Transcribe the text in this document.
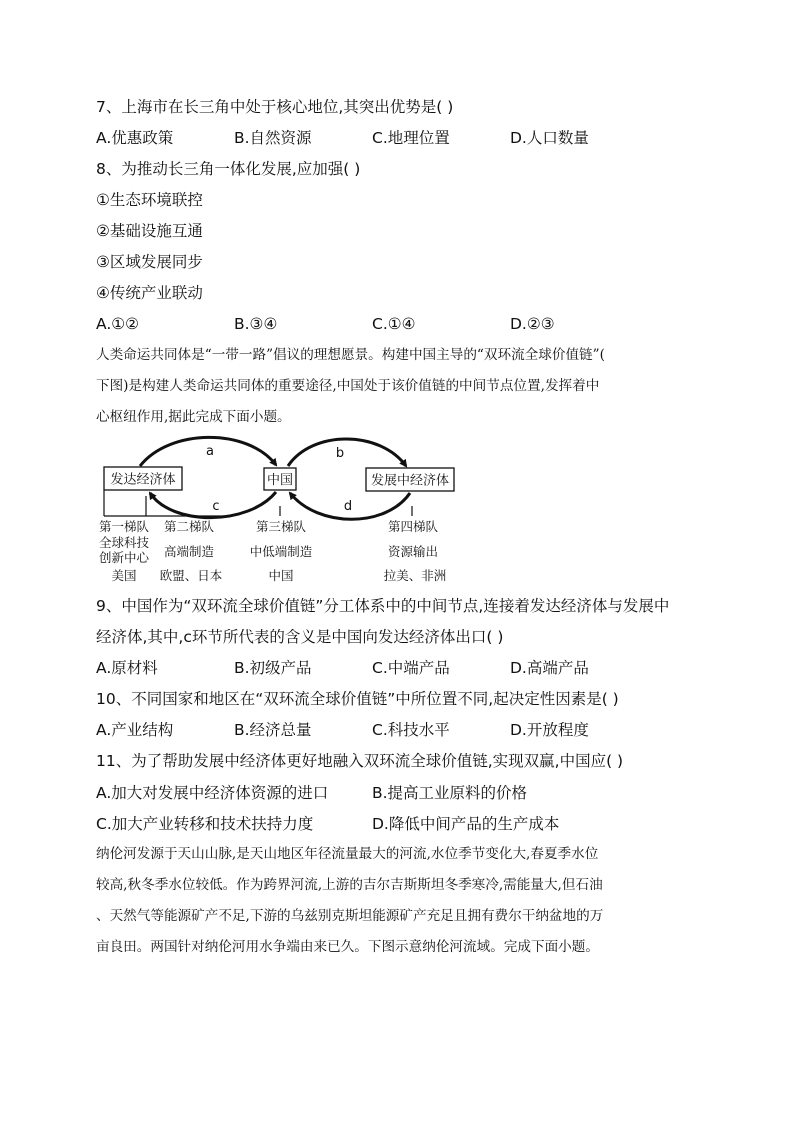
7、上海市在长三角中处于核心地位,其突出优势是( )
A.优惠政策	B.自然资源	C.地理位置	D.人口数量
8、为推动长三角一体化发展,应加强( )
①生态环境联控
②基础设施互通
③区域发展同步
④传统产业联动
A.①②	B.③④	C.①④	D.②③
人类命运共同体是“一带一路”倡议的理想愿景。构建中国主导的“双环流全球价值链”(
下图)是构建人类命运共同体的重要途径,中国处于该价值链的中间节点位置,发挥着中
心枢纽作用,据此完成下面小题。
发达经济体	中国	发展中经济体
a	b
c	d
第一梯队
全球科技
创新中心
美国
第二梯队
高端制造
欧盟、日本
第三梯队
中低端制造
中国
第四梯队
资源输出
拉美、非洲
9、中国作为“双环流全球价值链”分工体系中的中间节点,连接着发达经济体与发展中
经济体,其中,c环节所代表的含义是中国向发达经济体出口( )
A.原材料	B.初级产品	C.中端产品	D.高端产品
10、不同国家和地区在“双环流全球价值链”中所位置不同,起决定性因素是( )
A.产业结构	B.经济总量	C.科技水平	D.开放程度
11、为了帮助发展中经济体更好地融入双环流全球价值链,实现双赢,中国应( )
A.加大对发展中经济体资源的进口	B.提高工业原料的价格
C.加大产业转移和技术扶持力度	D.降低中间产品的生产成本
纳伦河发源于天山山脉,是天山地区年径流量最大的河流,水位季节变化大,春夏季水位
较高,秋冬季水位较低。作为跨界河流,上游的吉尔吉斯斯坦冬季寒冷,需能量大,但石油
、天然气等能源矿产不足,下游的乌兹别克斯坦能源矿产充足且拥有费尔干纳盆地的万
亩良田。两国针对纳伦河用水争端由来已久。下图示意纳伦河流域。完成下面小题。
